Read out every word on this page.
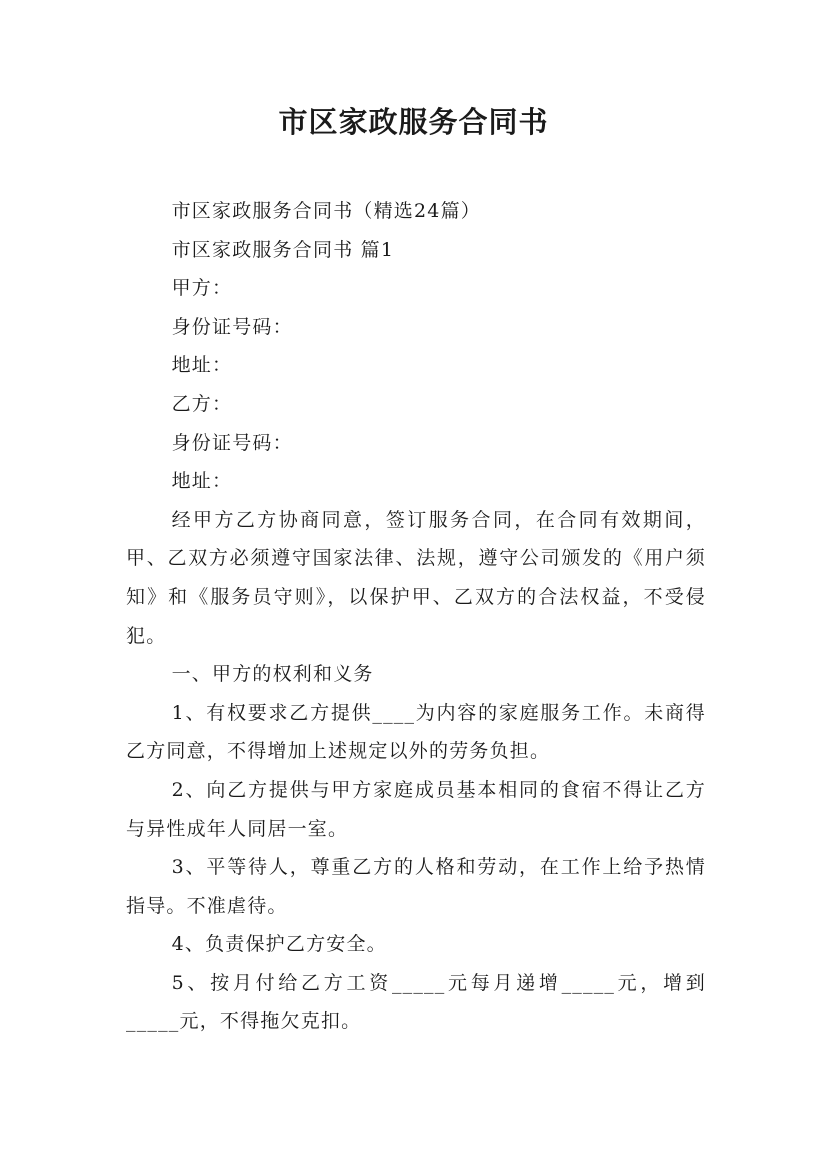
市区家政服务合同书

市区家政服务合同书（精选24篇）

市区家政服务合同书 篇1

甲方：

身份证号码：

地址：

乙方：

身份证号码：

地址：

经甲方乙方协商同意，签订服务合同，在合同有效期间，甲、乙双方必须遵守国家法律、法规，遵守公司颁发的《用户须知》和《服务员守则》，以保护甲、乙双方的合法权益，不受侵犯。

一、甲方的权利和义务

1、有权要求乙方提供____为内容的家庭服务工作。未商得乙方同意，不得增加上述规定以外的劳务负担。

2、向乙方提供与甲方家庭成员基本相同的食宿不得让乙方与异性成年人同居一室。

3、平等待人，尊重乙方的人格和劳动，在工作上给予热情指导。不准虐待。

4、负责保护乙方安全。

5、按月付给乙方工资_____元每月递增_____元，增到_____元，不得拖欠克扣。
